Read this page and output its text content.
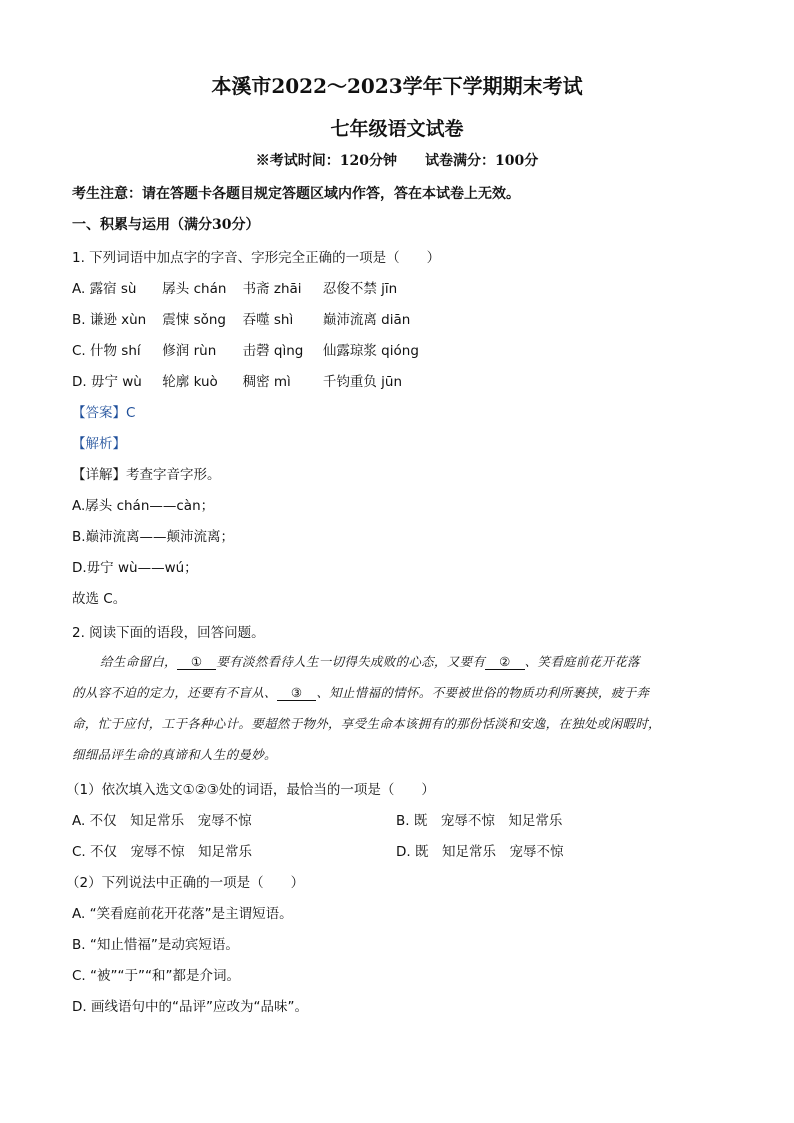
本溪市2022～2023学年下学期期末考试
七年级语文试卷
※考试时间：120分钟　　试卷满分：100分
考生注意：请在答题卡各题目规定答题区域内作答，答在本试卷上无效。
一、积累与运用（满分30分）
1. 下列词语中加点字的字音、字形完全正确的一项是（　　）
A. 露宿 sù 孱头 chán 书斋 zhāi 忍俊不禁 jīn
B. 谦逊 xùn 震悚 sǒng 吞噬 shì 巅沛流离 diān
C. 什物 shí 修润 rùn 击磬 qìng 仙露琼浆 qióng
D. 毋宁 wù 轮廓 kuò 稠密 mì 千钧重负 jūn
【答案】C
【解析】
【详解】考查字音字形。
A.孱头 chán——càn；
B.巅沛流离——颠沛流离；
D.毋宁 wù——wú；
故选 C。
2. 阅读下面的语段，回答问题。
给生命留白， ① 要有淡然看待人生一切得失成败的心态，又要有 ② 、笑看庭前花开花落
的从容不迫的定力，还要有不盲从、 ③ 、知止惜福的情怀。不要被世俗的物质功利所裹挟，疲于奔
命，忙于应付，工于各种心计。要超然于物外，享受生命本该拥有的那份恬淡和安逸，在独处或闲暇时，
细细品评生命的真谛和人生的曼妙。
（1）依次填入选文①②③处的词语，最恰当的一项是（　　）
A. 不仅　知足常乐　宠辱不惊	B. 既　宠辱不惊　知足常乐
C. 不仅　宠辱不惊　知足常乐	D. 既　知足常乐　宠辱不惊
（2）下列说法中正确的一项是（　　）
A. “笑看庭前花开花落”是主谓短语。
B. “知止惜福”是动宾短语。
C. “被”“于”“和”都是介词。
D. 画线语句中的“品评”应改为“品味”。
